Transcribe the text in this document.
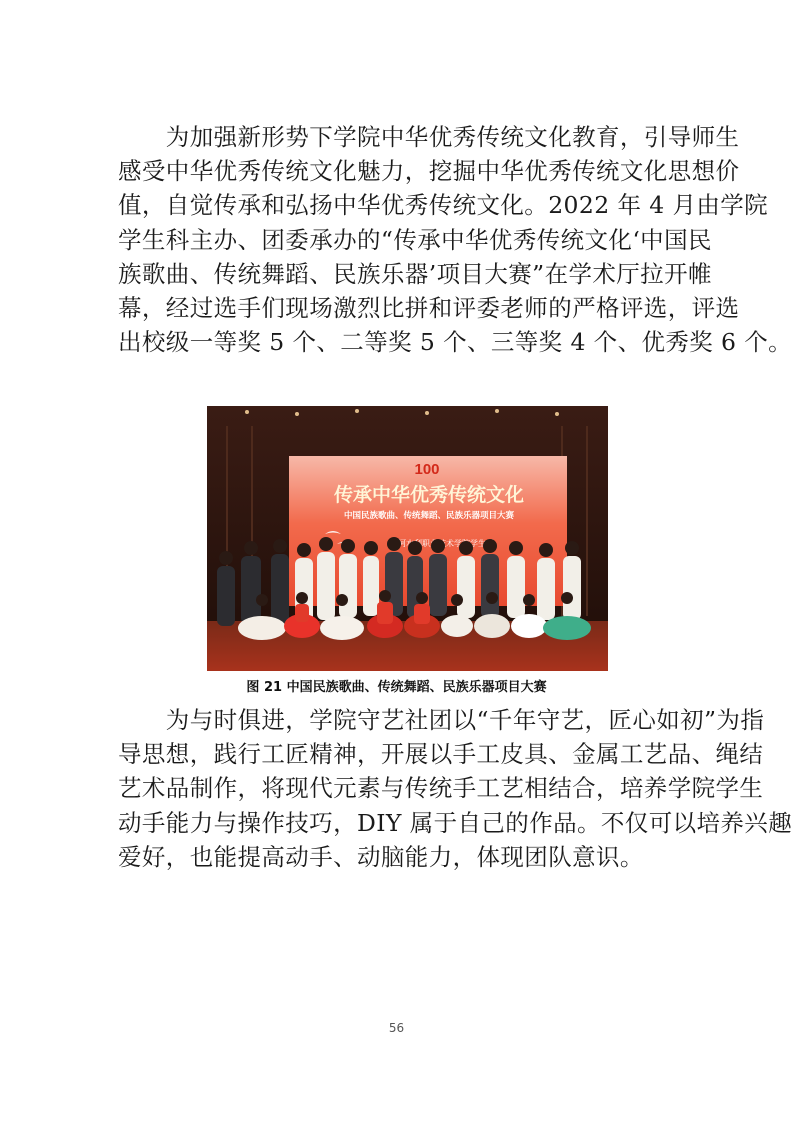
　　为加强新形势下学院中华优秀传统文化教育，引导师生
感受中华优秀传统文化魅力，挖掘中华优秀传统文化思想价
值，自觉传承和弘扬中华优秀传统文化。2022 年 4 月由学院
学生科主办、团委承办的“传承中华优秀传统文化‘中国民
族歌曲、传统舞蹈、民族乐器’项目大赛”在学术厅拉开帷
幕，经过选手们现场激烈比拼和评委老师的严格评选，评选
出校级一等奖 5 个、二等奖 5 个、三等奖 4 个、优秀奖 6 个。
100
传承中华优秀传统文化
中国民族歌曲、传统舞蹈、民族乐器项目大赛
图 21 中国民族歌曲、传统舞蹈、民族乐器项目大赛
　　为与时俱进，学院守艺社团以“千年守艺，匠心如初”为指
导思想，践行工匠精神，开展以手工皮具、金属工艺品、绳结
艺术品制作，将现代元素与传统手工艺相结合，培养学院学生
动手能力与操作技巧，DIY 属于自己的作品。不仅可以培养兴趣
爱好，也能提高动手、动脑能力，体现团队意识。
56
